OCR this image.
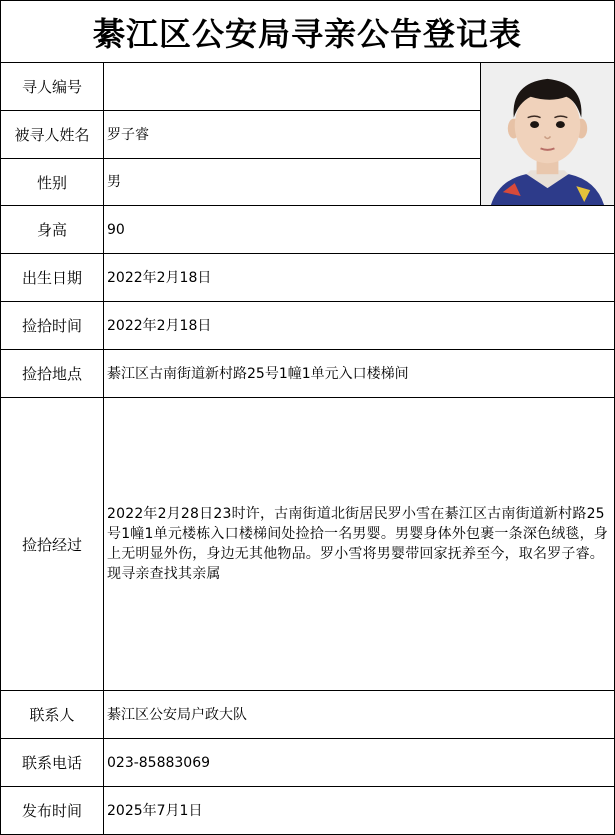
綦江区公安局寻亲公告登记表
寻人编号
被寻人姓名	罗子睿
性别	男
身高	90
出生日期	2022年2月18日
捡拾时间	2022年2月18日
捡拾地点	綦江区古南街道新村路25号1幢1单元入口楼梯间
捡拾经过
2022年2月28日23时许，古南街道北街居民罗小雪在綦江区古南街道新村路25号1幢1单元楼栋入口楼梯间处捡拾一名男婴。男婴身体外包裹一条深色绒毯，身上无明显外伤，身边无其他物品。罗小雪将男婴带回家抚养至今，取名罗子睿。现寻亲查找其亲属
联系人	綦江区公安局户政大队
联系电话	023-85883069
发布时间	2025年7月1日
